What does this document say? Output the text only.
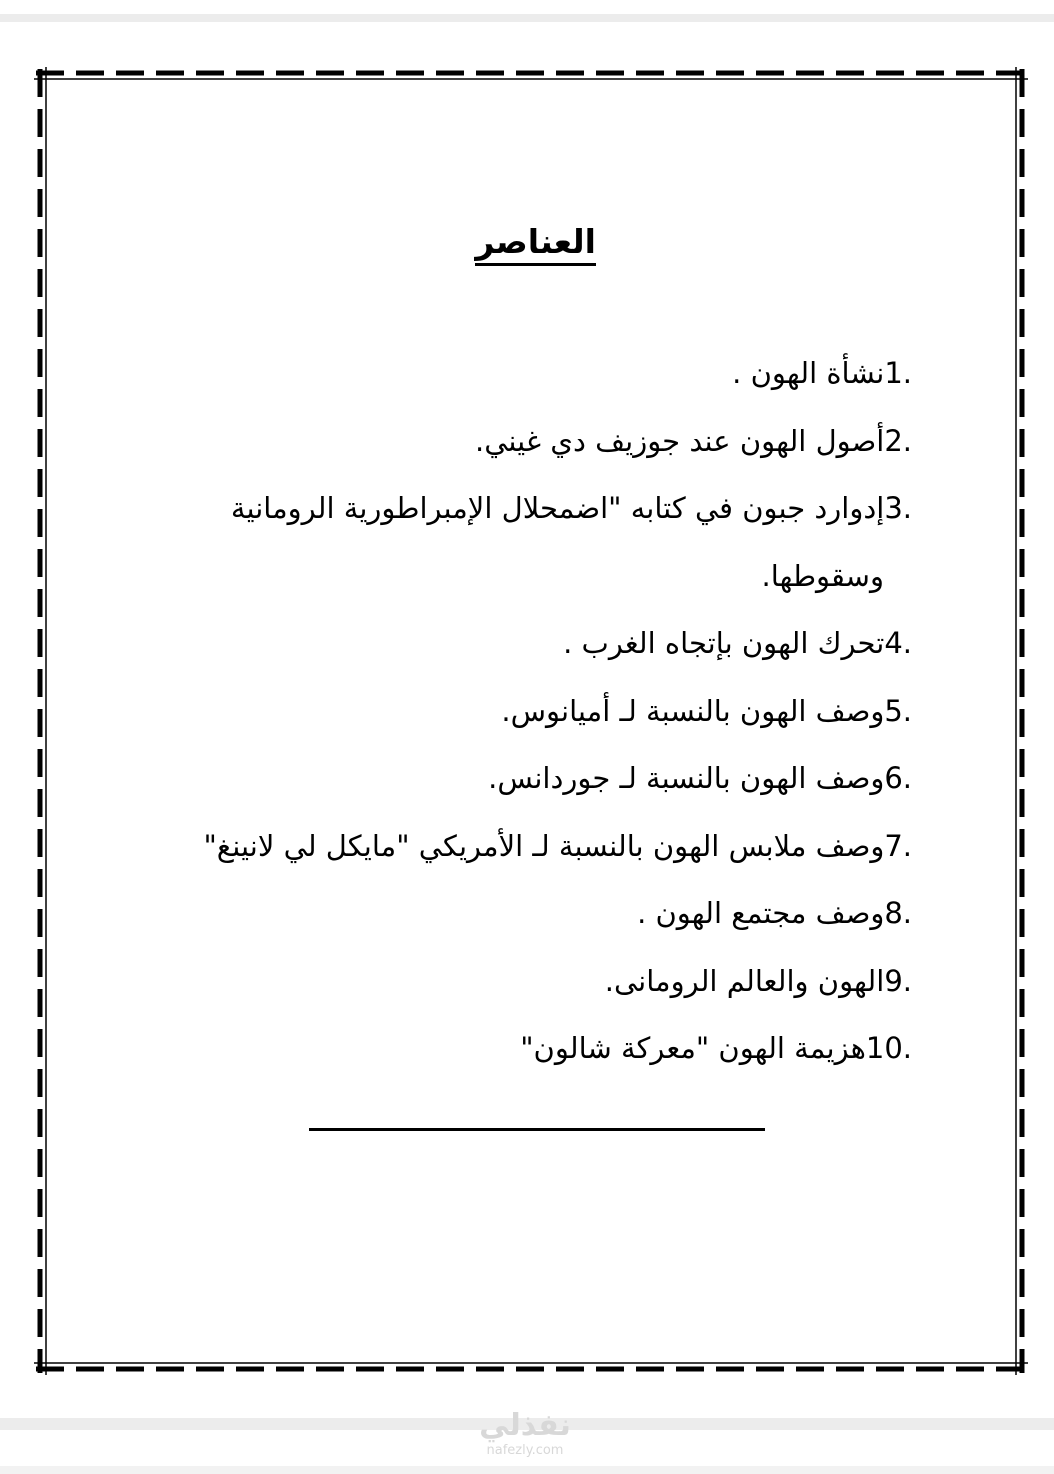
العناصر
1.نشأة الهون .
2.أصول الهون عند جوزيف دي غيني.
3.إدوارد جبون في كتابه "اضمحلال الإمبراطورية الرومانية
وسقوطها.
4.تحرك الهون بإتجاه الغرب .
5.وصف الهون بالنسبة لـ أميانوس.
6.وصف الهون بالنسبة لـ جوردانس.
7.وصف ملابس الهون بالنسبة لـ الأمريكي "مايكل لي لانينغ"
8.وصف مجتمع الهون .
9.الهون والعالم الرومانى.
10.هزيمة الهون "معركة شالون"
نفذلي
nafezly.com
